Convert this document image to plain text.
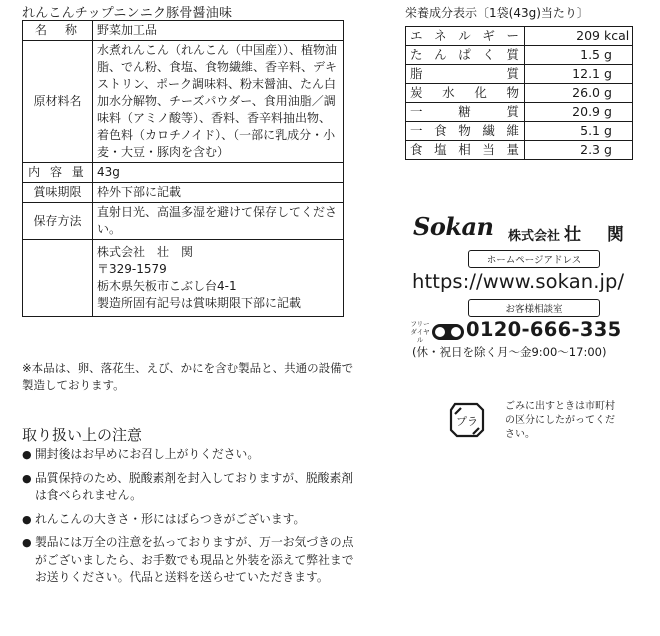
れんこんチップニンニク豚骨醤油味
名　称	野菜加工品
原材料名	水煮れんこん（れんこん（中国産））、植物油脂、でん粉、食塩、食物繊維、香辛料、デキストリン、ポーク調味料、粉末醤油、たん白加水分解物、チーズパウダー、食用油脂／調味料（アミノ酸等）、香料、香辛料抽出物、着色料（カロチノイド）、（一部に乳成分・小麦・大豆・豚肉を含む）
内 容 量	43g
賞味期限	枠外下部に記載
保存方法	直射日光、高温多湿を避けて保存してください。

	株式会社　壮　関
〒329-1579
栃木県矢板市こぶし台4-1
製造所固有記号は賞味期限下部に記載
※本品は、卵、落花生、えび、かにを含む製品と、共通の設備で製造しております。
取り扱い上の注意
● 開封後はお早めにお召し上がりください。
● 品質保持のため、脱酸素剤を封入しておりますが、脱酸素剤は食べられません。
● れんこんの大きさ・形にはばらつきがございます。
● 製品には万全の注意を払っておりますが、万一お気づきの点がございましたら、お手数でも現品と外装を添えて弊社までお送りください。代品と送料を送らせていただきます。
栄養成分表示〔1袋(43g)当たり〕
エネルギー	209 kcal

たんぱく質	1.5 g

脂質	12.1 g

炭水化物	26.0 g

一糖質	20.9 g

一食物繊維	5.1 g

食塩相当量	2.3 g
Sokan 株式会社 壮 関
ホームページアドレス
https://www.sokan.jp/
お客様相談室
フリーダイヤル	0120-666-335
(休・祝日を除く月～金9:00～17:00)
プラ
ごみに出すときは市町村の区分にしたがってください。
